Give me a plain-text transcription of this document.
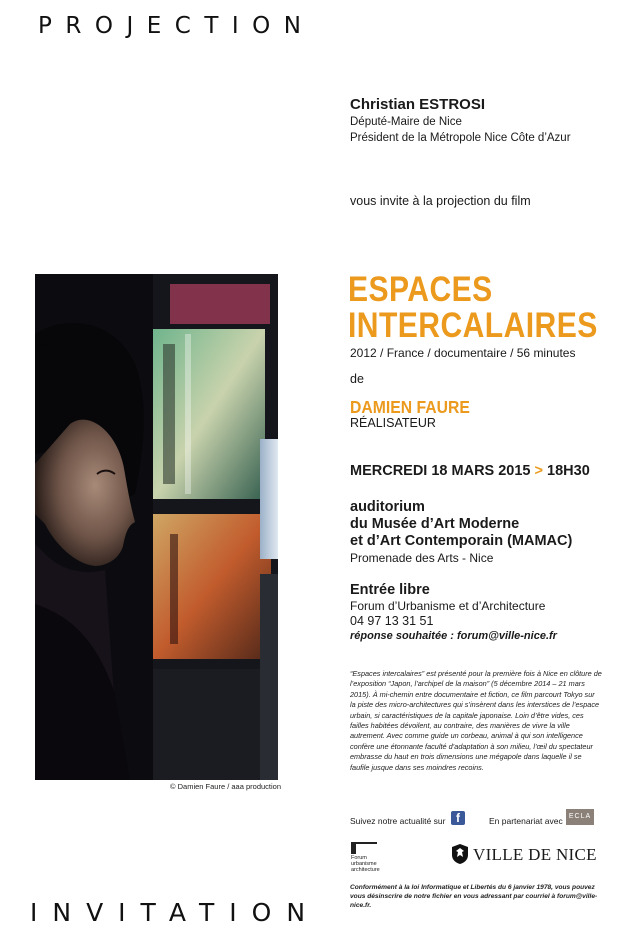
PROJECTION
Christian ESTROSI
Député-Maire de Nice
Président de la Métropole Nice Côte d’Azur
vous invite à la projection du film
© Damien Faure / aaa production
ESPACES
INTERCALAIRES
2012 / France / documentaire / 56 minutes
de
DAMIEN FAURE
RÉALISATEUR
MERCREDI 18 MARS 2015 > 18H30
auditorium
du Musée d’Art Moderne
et d’Art Contemporain (MAMAC)
Promenade des Arts - Nice
Entrée libre
Forum d’Urbanisme et d’Architecture
04 97 13 31 51
réponse souhaitée : forum@ville-nice.fr
“Espaces intercalaires” est présenté pour la première fois à Nice en clôture de l’exposition “Japon, l’archipel de la maison” (5 décembre 2014 – 21 mars 2015). À mi-chemin entre documentaire et fiction, ce film parcourt Tokyo sur la piste des micro-architectures qui s’insèrent dans les interstices de l’espace urbain, si caractéristiques de la capitale japonaise. Loin d’être vides, ces failles habitées dévoilent, au contraire, des manières de vivre la ville autrement. Avec comme guide un corbeau, animal à qui son intelligence confère une étonnante faculté d’adaptation à son milieu, l’œil du spectateur embrasse du haut en trois dimensions une mégapole dans laquelle il se faufile jusque dans ses moindres recoins.
Suivez notre actualité sur f	En partenariat avec ECLA
Forum
urbanisme
architecture
VILLE DE NICE
Conformément à la loi Informatique et Libertés du 6 janvier 1978, vous pouvez vous désinscrire de notre fichier en vous adressant par courriel à forum@ville-nice.fr.
INVITATION
